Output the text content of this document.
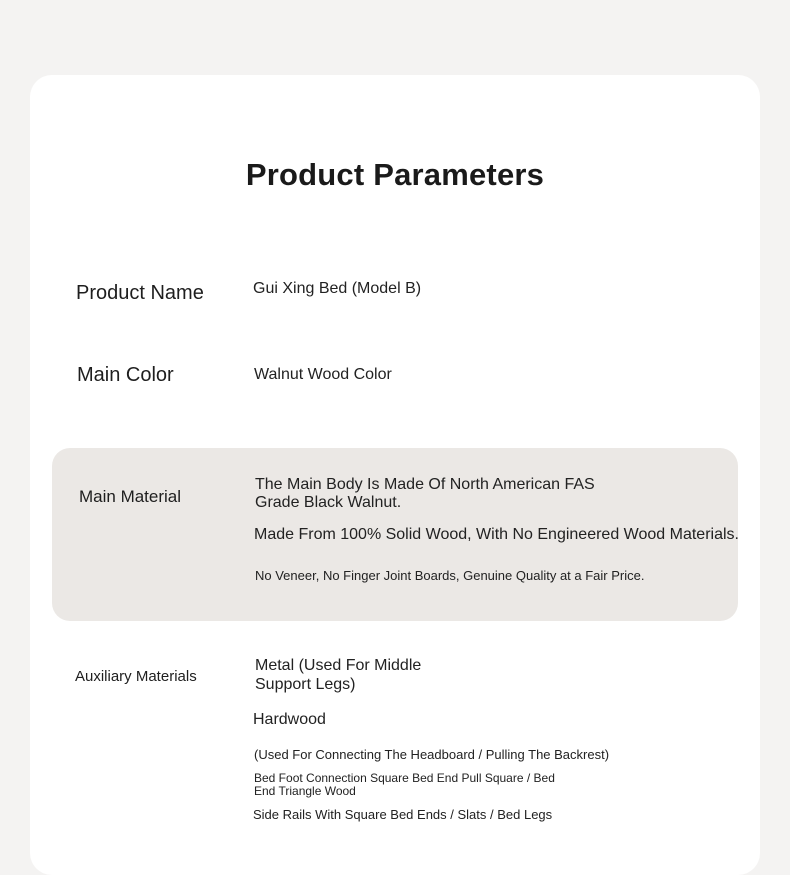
Product Parameters
Product Name	Gui Xing Bed (Model B)
Main Color	Walnut Wood Color
Main Material
The Main Body Is Made Of North American FAS
Grade Black Walnut.
Made From 100% Solid Wood, With No Engineered Wood Materials.
No Veneer, No Finger Joint Boards, Genuine Quality at a Fair Price.
Auxiliary Materials
Metal (Used For Middle
Support Legs)
Hardwood
(Used For Connecting The Headboard / Pulling The Backrest)
Bed Foot Connection Square Bed End Pull Square / Bed
End Triangle Wood
Side Rails With Square Bed Ends / Slats / Bed Legs
